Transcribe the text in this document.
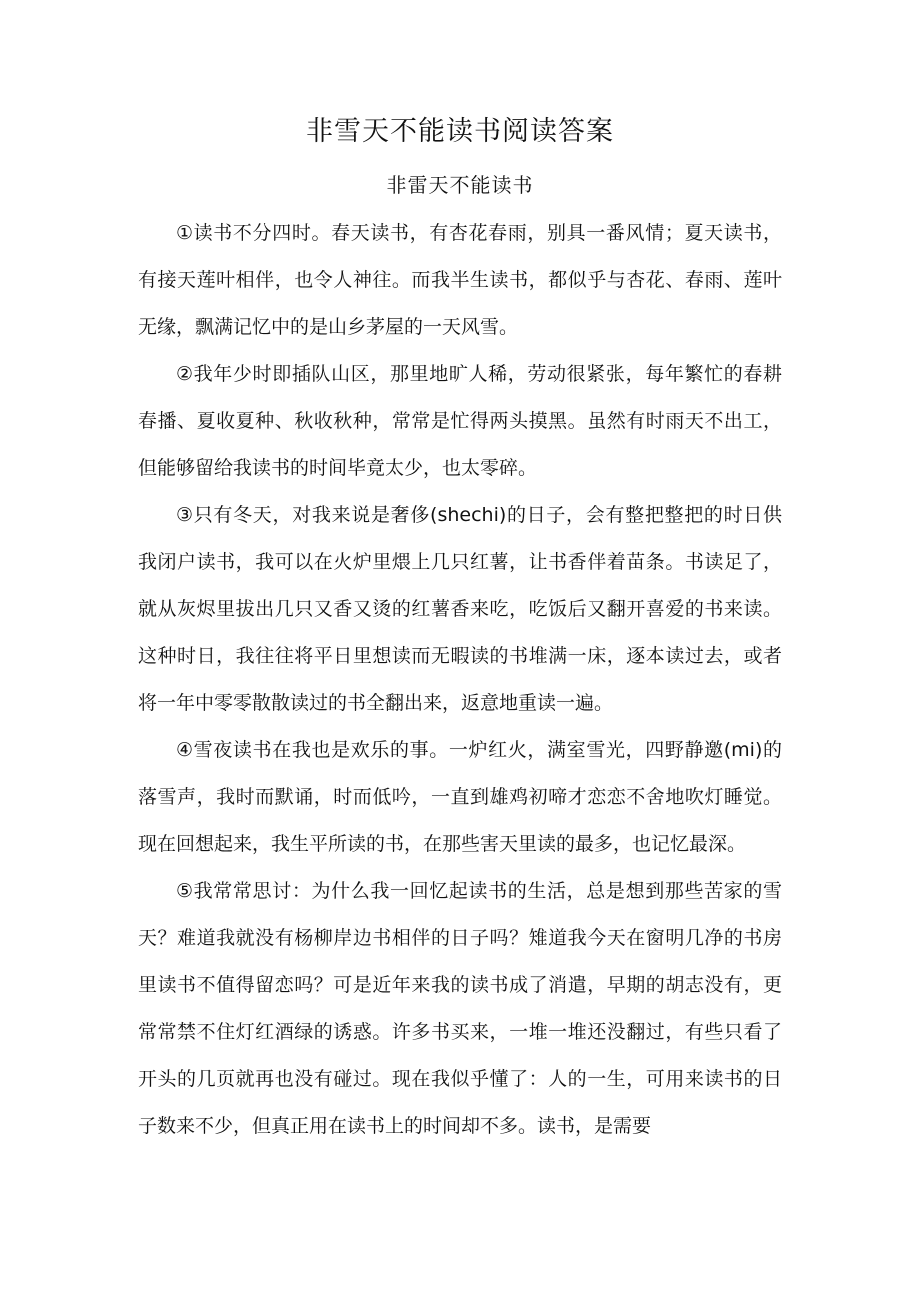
非雪天不能读书阅读答案
非雷天不能读书

①读书不分四时。春天读书，有杏花春雨，别具一番风情；夏天读书，有接天莲叶相伴，也令人神往。而我半生读书，都似乎与杏花、春雨、莲叶无缘，飘满记忆中的是山乡茅屋的一天风雪。

②我年少时即插队山区，那里地旷人稀，劳动很紧张，每年繁忙的春耕春播、夏收夏种、秋收秋种，常常是忙得两头摸黑。虽然有时雨天不出工，但能够留给我读书的时间毕竟太少，也太零碎。

③只有冬天，对我来说是奢侈(shechi)的日子，会有整把整把的时日供我闭户读书，我可以在火炉里煨上几只红薯，让书香伴着苗条。书读足了，就从灰烬里拔出几只又香又烫的红薯香来吃，吃饭后又翻开喜爱的书来读。这种时日，我往往将平日里想读而无暇读的书堆满一床，逐本读过去，或者将一年中零零散散读过的书全翻出来，返意地重读一遍。

④雪夜读书在我也是欢乐的事。一炉红火，满室雪光，四野静邀(mi)的落雪声，我时而默诵，时而低吟，一直到雄鸡初啼才恋恋不舍地吹灯睡觉。现在回想起来，我生平所读的书，在那些害天里读的最多，也记忆最深。

⑤我常常思讨：为什么我一回忆起读书的生活，总是想到那些苦家的雪天？难道我就没有杨柳岸边书相伴的日子吗？雉道我今天在窗明几净的书房里读书不值得留恋吗？可是近年来我的读书成了消遣，早期的胡志没有，更常常禁不住灯红酒绿的诱惑。许多书买来，一堆一堆还没翻过，有些只看了开头的几页就再也没有碰过。现在我似乎懂了：人的一生，可用来读书的日子数来不少，但真正用在读书上的时间却不多。读书，是需要
